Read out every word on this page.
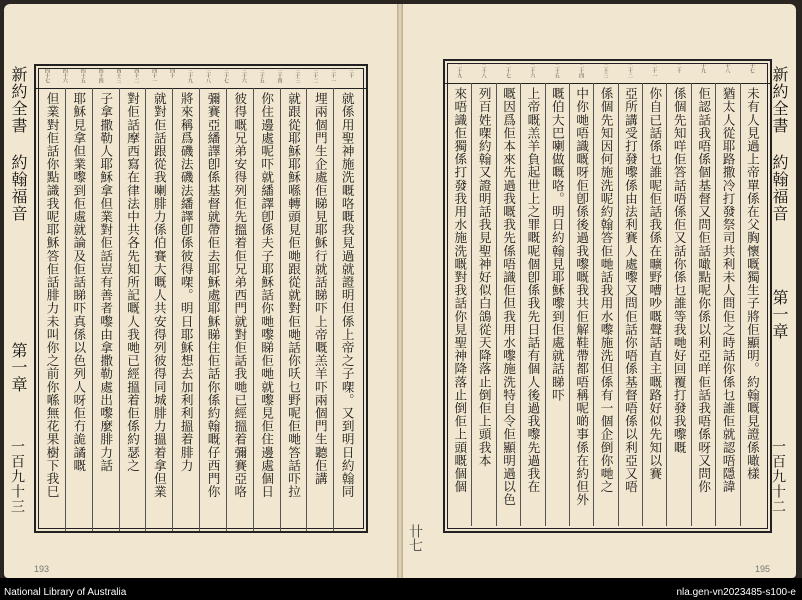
就係用聖神施洗嘅咯嘅我見過就證明但係上帝之子㗎。又到明日約翰同
埋兩個門生企處佢睇見耶穌行就話睇吓上帝嘅羔羊吓兩個門生聽佢講
就跟從耶穌耶穌喺轉頭見佢哋跟從就對佢哋話你㕭乜野呢佢哋答話吓拉
你住邊處呢吓就繙譯卽係夫子耶穌話你哋嚟睇佢哋就嚟見佢住邊處個日
彼得嘅兄弟安得列佢先搵着佢兄弟西門就對佢話我哋已經搵着彌賽亞咯
彌賽亞繙譯卽係基督就帶佢去耶穌處耶穌睇住佢話你係約翰嘅仔西門你
將來稱爲磯法磯法繙譯卽係彼得㗎。明日耶穌想去加利利搵着腓力
就對佢話跟從我喇腓力係伯賽大嘅人共安得列彼得同城腓力搵着拿但業
對佢話摩西寫在律法中共各先知所記嘅人我哋已經搵着佢係約瑟之
子拿撒勒人耶穌拿但業對佢話豈有善者嚟由拿撒勒處出嚟麼腓力話
耶穌見拿但業嚟到佢處就論及佢話睇吓真係以色列人呀佢冇詭譎嘅
但業對佢話你點識我呢耶穌答佢話腓力未叫你之前你喺無花果樹下我巳
三十
三十一
三十二
三十三
三十四
三十五
三十六
三十七
三十八
三十九
四十
四十一
四十二
四十三
四十四
四十五
四十六
四十七
新約全書
約翰福音
第一章
一百九十三
193
未有人見過上帝單係在父胸懷嘅獨生子將佢顯明。約翰嘅見證係噉樣
猶太人從耶路撒冷打發祭司共利未人問佢之時話你係乜誰佢就認唔隱諱
佢認話我唔係個基督又問佢話噉點呢你係以利亞咩佢話我唔係呀又問你
係個先知咩佢答話唔係佢又話你係乜誰等我哋好回覆打發我嚟嘅
你自已話係乜誰呢佢話我係在曠野嘈吵嘅聲話直主嘅路好似先知以賽
亞所講受打發嚟係由法利賽人處嚟又問佢話你唔係基督唔係以利亞又唔
係個先知因何施洗呢約翰答佢哋話我用水嚟施洗但係有一個企倒你哋之
中你哋唔識嘅呀佢卽係後過我嚟嘅我共佢解鞋帶都唔稱呢啲事係在約但外
嘅伯大巴喇做嘅咯。明日約翰見耶穌嚟到佢處就話睇吓
上帝嘅羔羊負起世上之罪嘅呢個卽係我先日話有個人後過我嚟先過我在
嘅因爲佢本來先過我嘅我先係唔識佢但我用水嚟施洗特自令佢顯明過以色
列百姓㗎約翰又證明話我見聖神好似白鴿從天降落止倒佢上頭我本
來唔識佢獨係打發我用水施洗嘅對我話你見聖神降落止倒佢上頭嘅個個
十七
十八
十九
二十
二十一
二十二
二十三
二十四
二十五
二十六
二十七
二十八
二十九	新約全書
約翰福音
第一章
一百九十二
卄七
195
National Library of Australia	nla.gen-vn2023485-s100-e
